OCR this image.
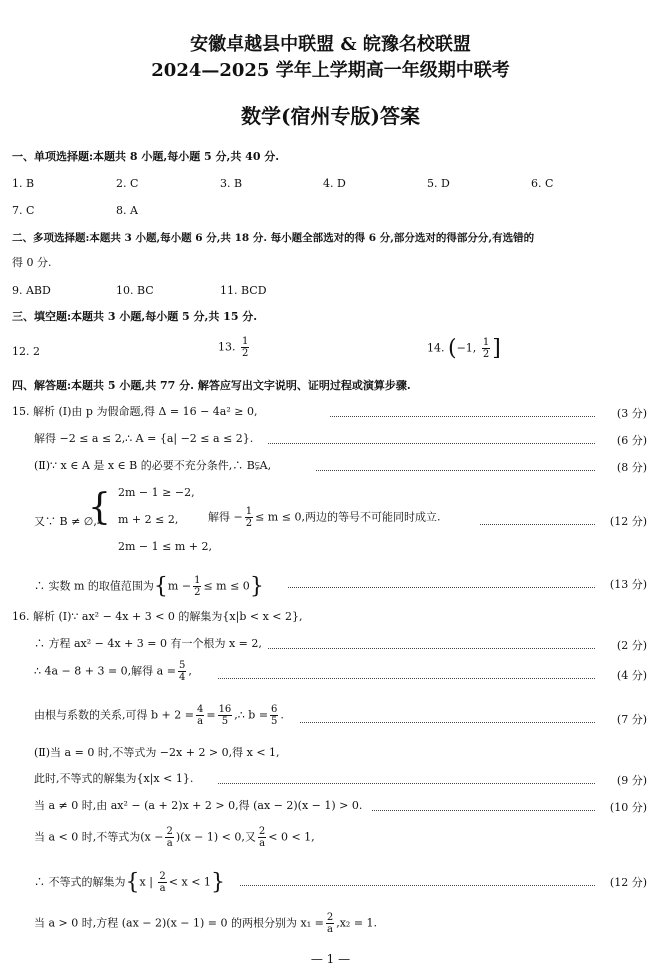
安徽卓越县中联盟 & 皖豫名校联盟
2024—2025 学年上学期高一年级期中联考
数学(宿州专版)答案
一、单项选择题:本题共 8 小题,每小题 5 分,共 40 分.
1. B	2. C	3. B	4. D	5. D	6. C
7. C	8. A
二、多项选择题:本题共 3 小题,每小题 6 分,共 18 分. 每小题全部选对的得 6 分,部分选对的得部分分,有选错的
得 0 分.
9. ABD	10. BC	11. BCD
三、填空题:本题共 3 小题,每小题 5 分,共 15 分.
12. 2	13. $\frac{1}{2}$	14. (−1, $\frac{1}{2}$ ]
四、解答题:本题共 5 小题,共 77 分. 解答应写出文字说明、证明过程或演算步骤.
15. 解析 (Ⅰ)由 p 为假命题,得 Δ = 16 − 4a² ≥ 0,	(3 分)
解得 −2 ≤ a ≤ 2,∴ A = {a| −2 ≤ a ≤ 2}.	(6 分)
(Ⅱ)∵ x ∈ A 是 x ∈ B 的必要不充分条件,∴ B⫋A,	(8 分)
又∵ B ≠ ∅,∴
{ 2m − 1 ≥ −2,
m + 2 ≤ 2,
2m − 1 ≤ m + 2,
解得 − $\frac{1}{2} \le m \le 0$,两边的等号不可能同时成立.	(12 分)
∴ 实数 m 的取值范围为$\{m - \frac{1}{2} \le m \le 0\}$	(13 分)
16. 解析 (Ⅰ)∵ ax² − 4x + 3 < 0 的解集为{x|b < x < 2},
∴ 方程 ax² − 4x + 3 = 0 有一个根为 x = 2,	(2 分)
∴ 4a − 8 + 3 = 0,解得 $a = \frac{5}{4}$ ,	(4 分)
由根与系数的关系,可得 $b + 2 = \frac{4}{a} = \frac{16}{5}$ ,∴ $b = \frac{6}{5}$ .	(7 分)
(Ⅱ)当 a = 0 时,不等式为 −2x + 2 > 0,得 x < 1,
此时,不等式的解集为{x|x < 1}.	(9 分)
当 a ≠ 0 时,由 ax² − (a + 2)x + 2 > 0,得 (ax − 2)(x − 1) > 0.	(10 分)
当 a < 0 时,不等式为$(x - \frac{2}{a} )(x - 1) < 0$,又 $\frac{2}{a} < 0 < 1$,
∴ 不等式的解集为{x | $\frac{2}{a} < x < 1$}	(12 分)
当 a > 0 时,方程 (ax − 2)(x − 1) = 0 的两根分别为 $x_1 = \frac{2}{a} ,x_2 = 1$.
— 1 —
